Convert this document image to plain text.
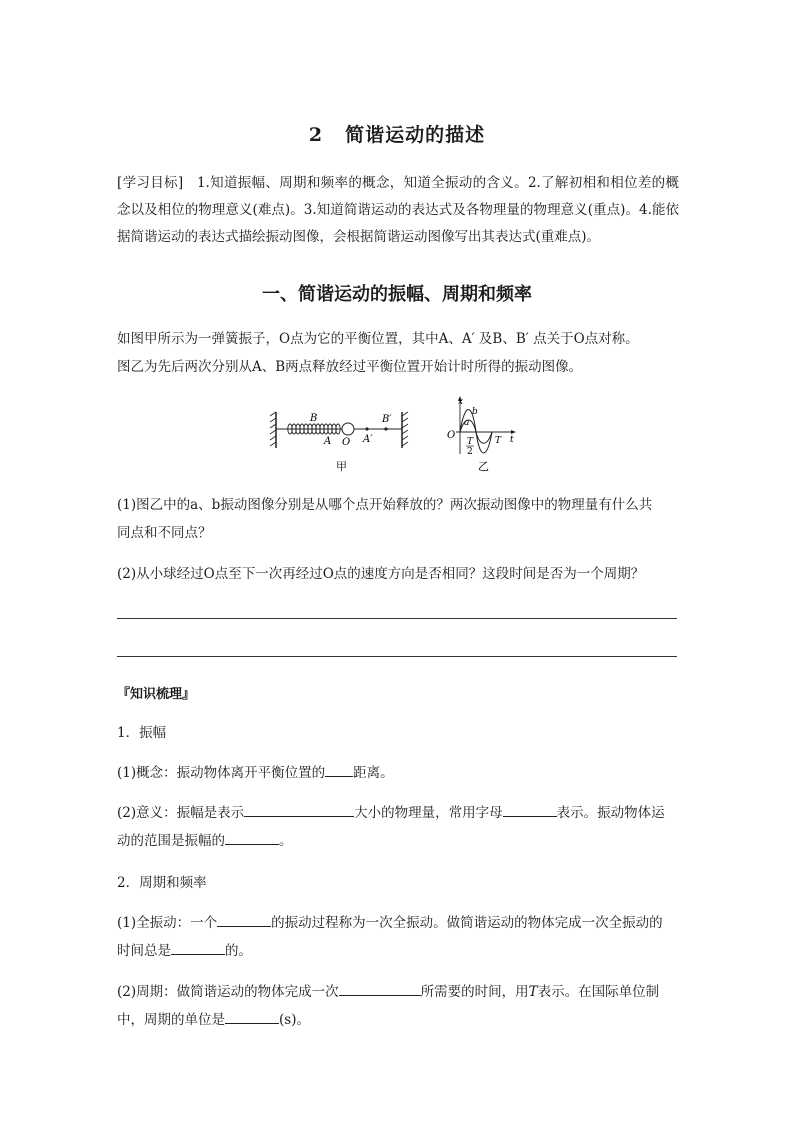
2 简谐运动的描述
[学习目标] 1.知道振幅、周期和频率的概念，知道全振动的含义。2.了解初相和相位差的概念以及相位的物理意义(难点)。3.知道简谐运动的表达式及各物理量的物理意义(重点)。4.能依据简谐运动的表达式描绘振动图像，会根据简谐运动图像写出其表达式(重难点)。
一、简谐运动的振幅、周期和频率
如图甲所示为一弹簧振子，O点为它的平衡位置，其中A、A′ 及B、B′ 点关于O点对称。
图乙为先后两次分别从A、B两点释放经过平衡位置开始计时所得的振动图像。
B
A O A′
B′
甲
x
a
b
O
T
2
T t
乙
(1)图乙中的a、b振动图像分别是从哪个点开始释放的？两次振动图像中的物理量有什么共
同点和不同点？
(2)从小球经过O点至下一次再经过O点的速度方向是否相同？这段时间是否为一个周期？
『知识梳理』
1．振幅
(1)概念：振动物体离开平衡位置的 距离。
(2)意义：振幅是表示	大小的物理量，常用字母	表示。振动物体运
动的范围是振幅的	。
2．周期和频率
(1)全振动：一个	的振动过程称为一次全振动。做简谐运动的物体完成一次全振动的
时间总是	的。
(2)周期：做简谐运动的物体完成一次	所需要的时间，用T表示。在国际单位制
中，周期的单位是	(s)。
